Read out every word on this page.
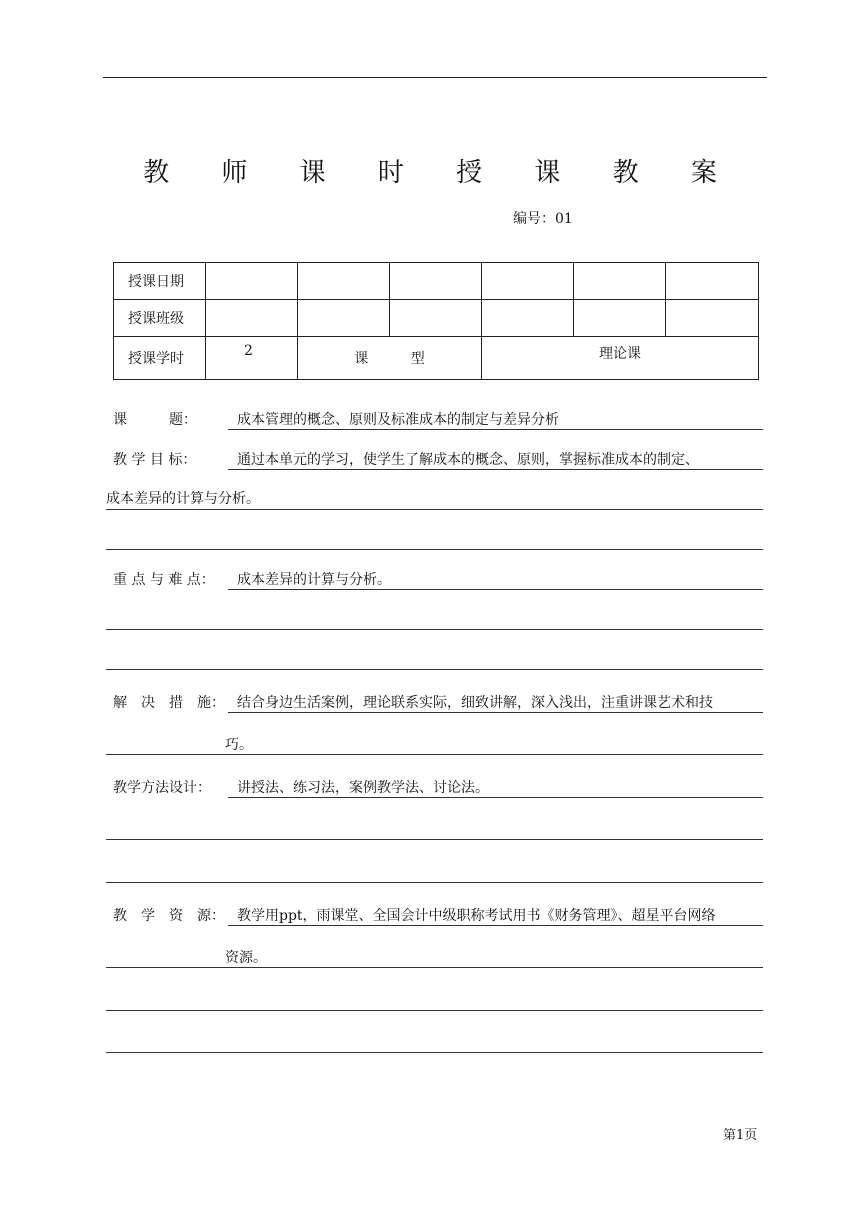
教 师 课 时 授 课 教 案
编号：01
授课日期						
授课班级						
授课学时	2	课 型		理论课		
课　　　题：	成本管理的概念、原则及标准成本的制定与差异分析
教 学 目 标：	通过本单元的学习，使学生了解成本的概念、原则，掌握标准成本的制定、
成本差异的计算与分析。
重 点 与 难 点： 成本差异的计算与分析。
解　决　措　施： 结合身边生活案例，理论联系实际，细致讲解，深入浅出，注重讲课艺术和技
巧。
教学方法设计： 讲授法、练习法，案例教学法、讨论法。
教　学　资　源： 教学用ppt，雨课堂、全国会计中级职称考试用书《财务管理》、超星平台网络
资源。
第1页
